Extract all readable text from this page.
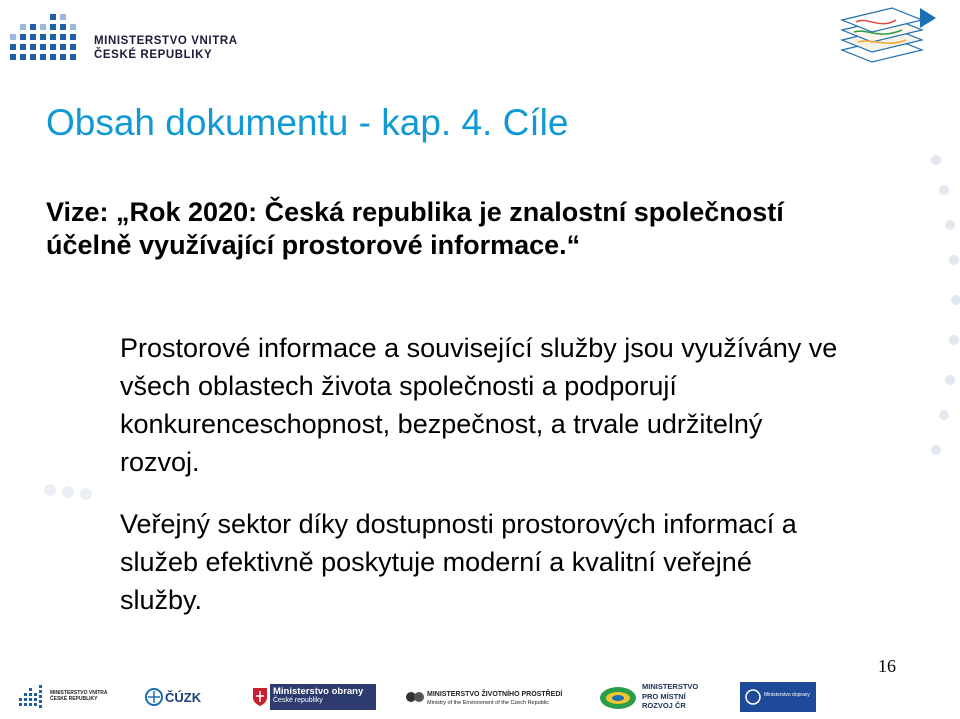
MINISTERSTVO VNITRA
ČESKÉ REPUBLIKY
Obsah dokumentu - kap. 4. Cíle
Vize: „Rok 2020: Česká republika je znalostní společností účelně využívající prostorové informace.“
Prostorové informace a související služby jsou využívány ve všech oblastech života společnosti a podporují konkurenceschopnost, bezpečnost, a trvale udržitelný rozvoj.
Veřejný sektor díky dostupnosti prostorových informací a služeb efektivně poskytuje moderní a kvalitní veřejné služby.
16
MINISTERSTVO VNITRA
ČESKÉ REPUBLIKY	ČÚZK	Ministerstvo obrany
České republiky
MINISTERSTVO ŽIVOTNÍHO PROSTŘEDÍ
Ministry of the Environment of the Czech Republic
MINISTERSTVO
PRO MÍSTNÍ
ROZVOJ ČR
Ministerstvo dopravy
